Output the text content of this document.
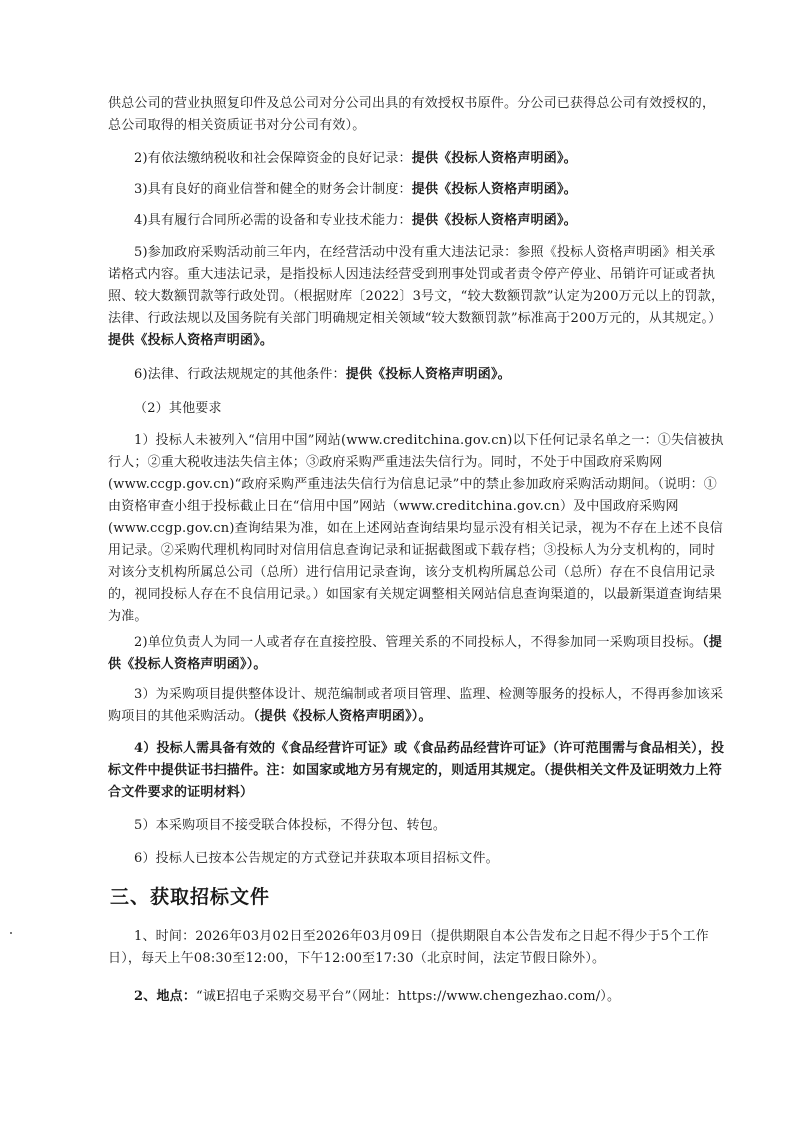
供总公司的营业执照复印件及总公司对分公司出具的有效授权书原件。分公司已获得总公司有效授权的，总公司取得的相关资质证书对分公司有效）。

2)有依法缴纳税收和社会保障资金的良好记录：提供《投标人资格声明函》。

3)具有良好的商业信誉和健全的财务会计制度：提供《投标人资格声明函》。

4)具有履行合同所必需的设备和专业技术能力：提供《投标人资格声明函》。

5)参加政府采购活动前三年内，在经营活动中没有重大违法记录：参照《投标人资格声明函》相关承诺格式内容。重大违法记录，是指投标人因违法经营受到刑事处罚或者责令停产停业、吊销许可证或者执照、较大数额罚款等行政处罚。（根据财库〔2022〕3号文，“较大数额罚款”认定为200万元以上的罚款，法律、行政法规以及国务院有关部门明确规定相关领域“较大数额罚款”标准高于200万元的，从其规定。）提供《投标人资格声明函》。

6)法律、行政法规规定的其他条件：提供《投标人资格声明函》。

（2）其他要求

1）投标人未被列入“信用中国”网站(www.creditchina.gov.cn)以下任何记录名单之一：①失信被执行人；②重大税收违法失信主体；③政府采购严重违法失信行为。同时，不处于中国政府采购网(www.ccgp.gov.cn)“政府采购严重违法失信行为信息记录”中的禁止参加政府采购活动期间。（说明：①由资格审查小组于投标截止日在“信用中国”网站（www.creditchina.gov.cn）及中国政府采购网(www.ccgp.gov.cn)查询结果为准，如在上述网站查询结果均显示没有相关记录，视为不存在上述不良信用记录。②采购代理机构同时对信用信息查询记录和证据截图或下载存档；③投标人为分支机构的，同时对该分支机构所属总公司（总所）进行信用记录查询，该分支机构所属总公司（总所）存在不良信用记录的，视同投标人存在不良信用记录。）如国家有关规定调整相关网站信息查询渠道的，以最新渠道查询结果为准。

2)单位负责人为同一人或者存在直接控股、管理关系的不同投标人，不得参加同一采购项目投标。（提供《投标人资格声明函》）。

3）为采购项目提供整体设计、规范编制或者项目管理、监理、检测等服务的投标人，不得再参加该采购项目的其他采购活动。（提供《投标人资格声明函》）。

4）投标人需具备有效的《食品经营许可证》或《食品药品经营许可证》（许可范围需与食品相关），投标文件中提供证书扫描件。注：如国家或地方另有规定的，则适用其规定。（提供相关文件及证明效力上符合文件要求的证明材料）

5）本采购项目不接受联合体投标，不得分包、转包。

6）投标人已按本公告规定的方式登记并获取本项目招标文件。

三、获取招标文件

1、时间：2026年03月02日至2026年03月09日（提供期限自本公告发布之日起不得少于5个工作日），每天上午08:30至12:00，下午12:00至17:30（北京时间，法定节假日除外）。

2、地点：“诚E招电子采购交易平台”（网址：https://www.chengezhao.com/）。
